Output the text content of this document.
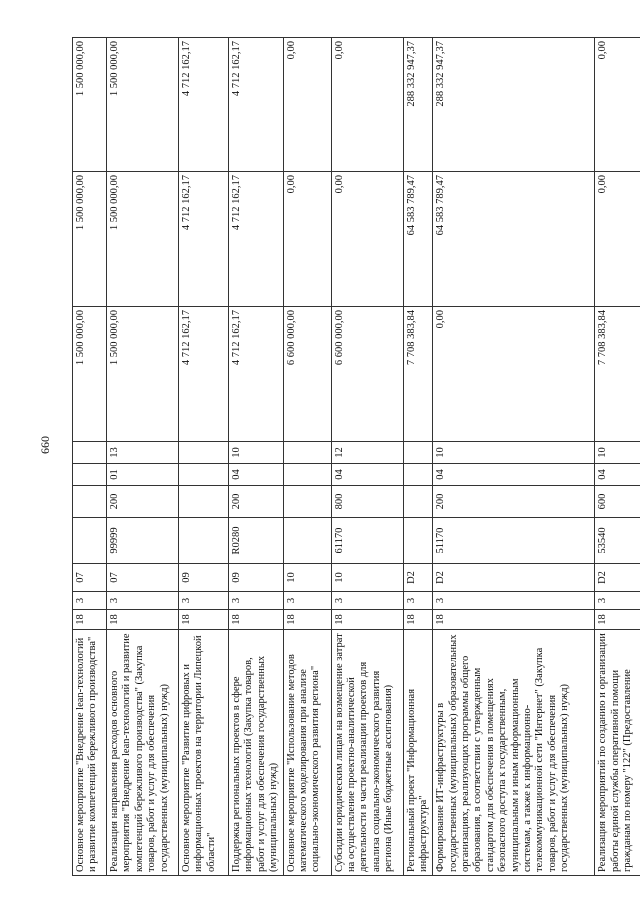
660
Основное мероприятие "Внедрение lean-технологий и развитие компетенций бережливого производства"	18	3	07					1 500 000,00	1 500 000,00	1 500 000,00
Реализация направления расходов основного мероприятия "Внедрение lean-технологий и развитие компетенций бережливого производства" (Закупка товаров, работ и услуг для обеспечения государственных (муниципальных) нужд)	18	3	07	99999	200	01	13	1 500 000,00	1 500 000,00	1 500 000,00
Основное мероприятие "Развитие цифровых и информационных проектов на территории Липецкой области"	18	3	09					4 712 162,17	4 712 162,17	4 712 162,17
Поддержка региональных проектов в сфере информационных технологий (Закупка товаров, работ и услуг для обеспечения государственных (муниципальных) нужд)	18	3	09	R0280	200	04	10	4 712 162,17	4 712 162,17	4 712 162,17
Основное мероприятие "Использование методов математического моделирования при анализе социально-экономического развития региона"	18	3	10					6 600 000,00	0,00	0,00
Субсидии юридическим лицам на возмещение затрат на осуществление проектно-аналитической деятельности в части реализации проектов для анализа социально-экономического развития региона (Иные бюджетные ассигнования)	18	3	10	61170	800	04	12	6 600 000,00	0,00	0,00
Региональный проект "Информационная инфраструктура"	18	3	D2					7 708 383,84	64 583 789,47	288 332 947,37
Формирование ИТ-инфраструктуры в государственных (муниципальных) образовательных организациях, реализующих программы общего образования, в соответствии с утвержденным стандартом для обеспечения в помещениях безопасного доступа к государственным, муниципальным и иным информационным системам, а также к информационно-телекоммуникационной сети "Интернет" (Закупка товаров, работ и услуг для обеспечения государственных (муниципальных) нужд)	18	3	D2	51170	200	04	10	0,00	64 583 789,47	288 332 947,37
Реализация мероприятий по созданию и организации работы единой службы оперативной помощи гражданам по номеру "122" (Предоставление	18	3	D2	53540	600	04	10	7 708 383,84	0,00	0,00
